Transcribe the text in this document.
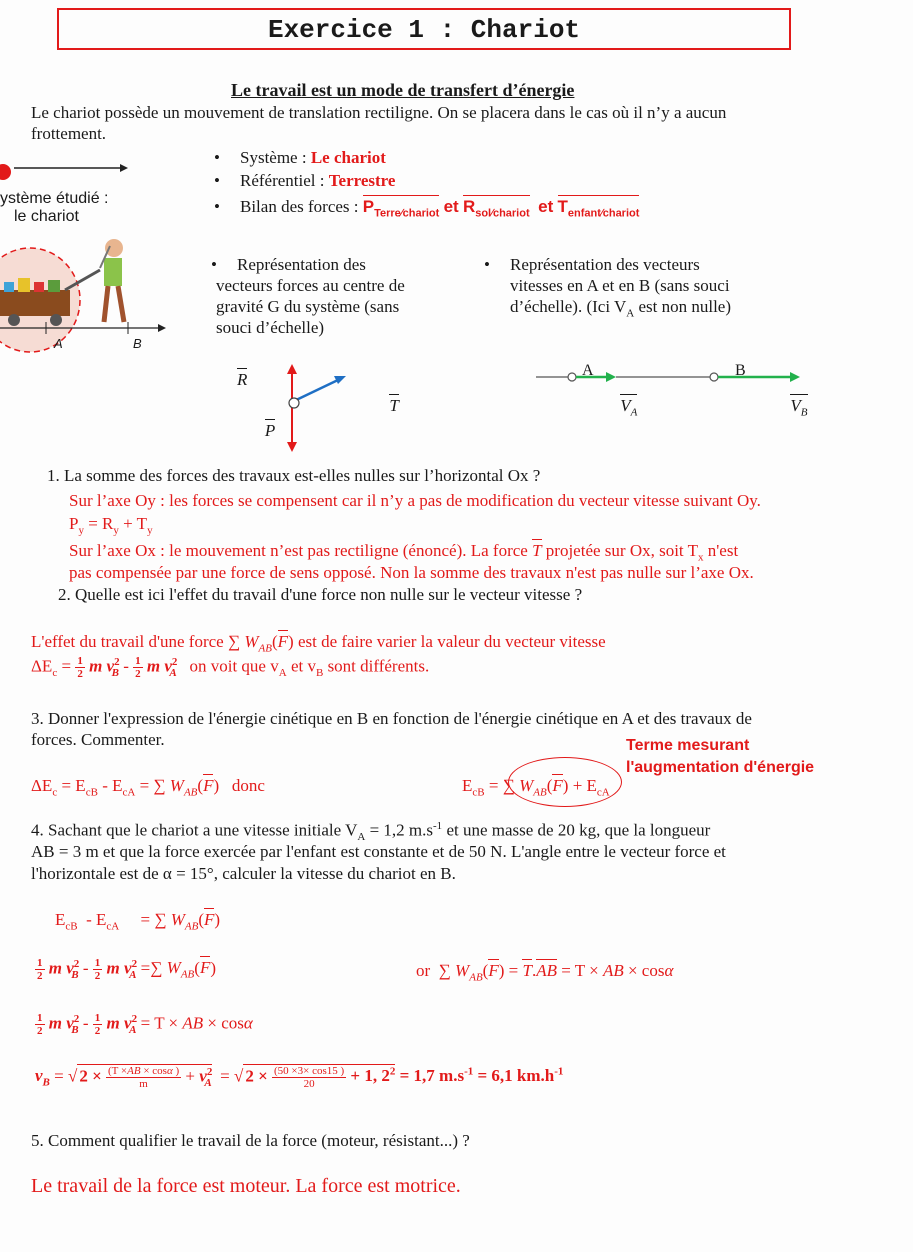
Exercice 1 : Chariot
Le travail est un mode de transfert d’énergie
Le chariot possède un mouvement de translation rectiligne. On se placera dans le cas où il n’y a aucun
frottement.
ystème étudié :
le chariot
A	B
• Système : Le chariot
• Référentiel : Terrestre
• Bilan des forces : $P_{Terre∕chariot}$ et $R_{sol∕chariot}$ et $T_{enfant∕chariot}$
• Représentation des
vecteurs forces au centre de
gravité G du système (sans
souci d’échelle)
• Représentation des vecteurs
vitesses en A et en B (sans souci
d’échelle). (Ici $V_A$ est non nulle)
R T P
A	B
$V_A$	$V_B$
1. La somme des forces des travaux est-elles nulles sur l’horizontal Ox ?
Sur l’axe Oy : les forces se compensent car il n’y a pas de modification du vecteur vitesse suivant Oy.
$P_y = R_y + T_y$
Sur l’axe Ox : le mouvement n’est pas rectiligne (énoncé). La force T projetée sur Ox, soit $T_x$ n'est
pas compensée par une force de sens opposé. Non la somme des travaux n'est pas nulle sur l’axe Ox.
2. Quelle est ici l'effet du travail d'une force non nulle sur le vecteur vitesse ?
L'effet du travail d'une force ∑ $W_{AB}(F)$ est de faire varier la valeur du vecteur vitesse
$\Delta E_c = \frac{1}{2}$ m $v^2_B - \frac{1}{2}$ m $v^2_A$ on voit que $v_A$ et $v_B$ sont différents.
3. Donner l'expression de l'énergie cinétique en B en fonction de l'énergie cinétique en A et des travaux de
forces. Commenter.	Terme mesurant
l'augmentation d'énergie
$\Delta E_c = E_{cB} - E_{cA}$ = ∑ $W_{AB}(F)$   donc	$E_{cB}$ = ∑ $W_{AB}(F) + E_{cA}$
4. Sachant que le chariot a une vitesse initiale $V_A = 1,2$ $m.s^{-1}$ et une masse de 20 kg, que la longueur
AB = 3 m et que la force exercée par l'enfant est constante et de 50 N. L'angle entre le vecteur force et
l'horizontale est de α = 15°, calculer la vitesse du chariot en B.
$E_{cB} - E_{cA}$     = ∑ $W_{AB}(F)$
$\frac{1}{2}$ m $v^2_B - \frac{1}{2}$ m $v^2_A$ =∑ $W_{AB}(F)$	or  ∑ $W_{AB}(F) = T.AB = T$ × AB × cosα
$\frac{1}{2}$ m $v^2_B - \frac{1}{2}$ m $v^2_A = T$ × AB × cosα
$v_B$ = √ $2 \times \frac{(T \times AB \times \cos\alpha )}{m} + v^2_A$  = √ $2 \times \frac{(50 \times 3\times \cos 15 )}{20} + 1$, $2^2 = 1,7$ $m.s^{-1} = 6,1$ $km.h^{-1}$
5. Comment qualifier le travail de la force (moteur, résistant...) ?
Le travail de la force est moteur. La force est motrice.
